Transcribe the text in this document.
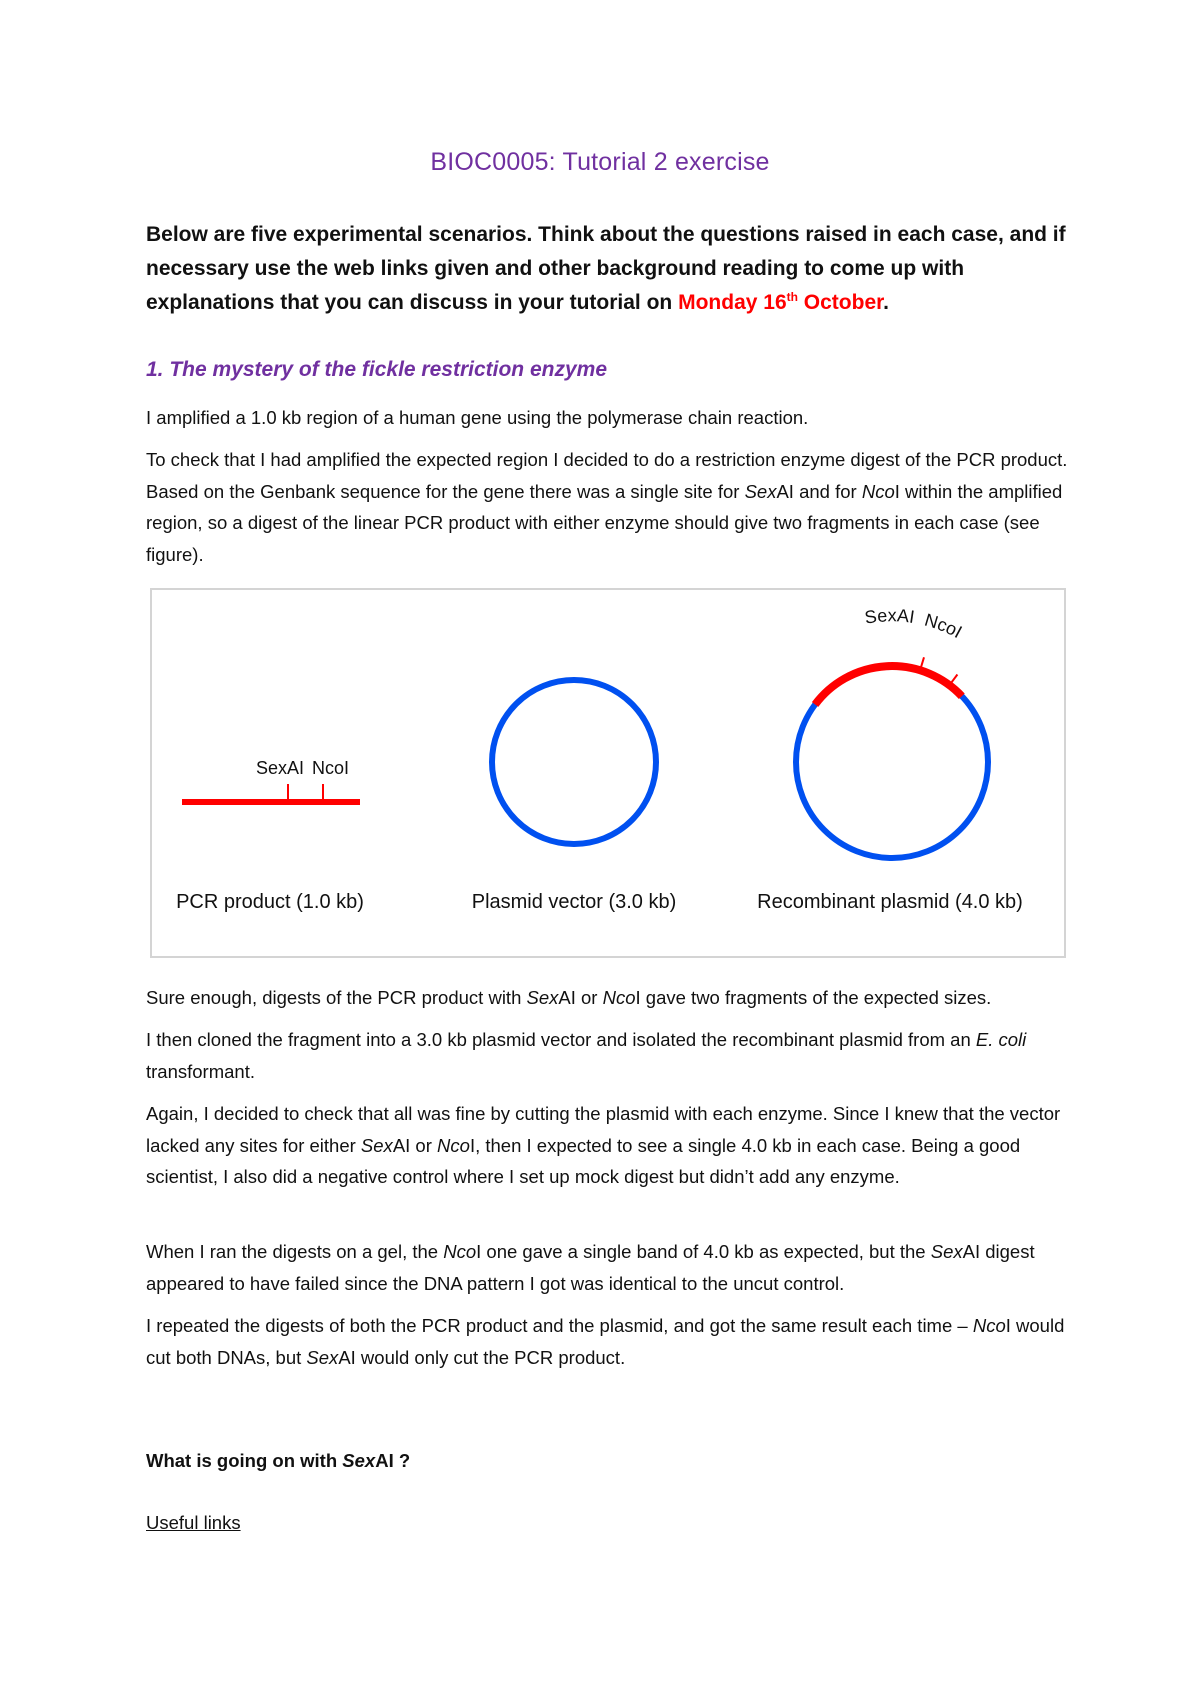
BIOC0005: Tutorial 2 exercise
Below are five experimental scenarios. Think about the questions raised in each case, and if necessary use the web links given and other background reading to come up with explanations that you can discuss in your tutorial on Monday 16th October.
1. The mystery of the fickle restriction enzyme

I amplified a 1.0 kb region of a human gene using the polymerase chain reaction.

To check that I had amplified the expected region I decided to do a restriction enzyme digest of the PCR product. Based on the Genbank sequence for the gene there was a single site for SexAI and for NcoI within the amplified region, so a digest of the linear PCR product with either enzyme should give two fragments in each case (see figure).

SexAI NcoI
SexAI NcoI
PCR product (1.0 kb)	Plasmid vector (3.0 kb)	Recombinant plasmid (4.0 kb)

Sure enough, digests of the PCR product with SexAI or NcoI gave two fragments of the expected sizes.

I then cloned the fragment into a 3.0 kb plasmid vector and isolated the recombinant plasmid from an E. coli transformant.

Again, I decided to check that all was fine by cutting the plasmid with each enzyme. Since I knew that the vector lacked any sites for either SexAI or NcoI, then I expected to see a single 4.0 kb in each case. Being a good scientist, I also did a negative control where I set up mock digest but didn’t add any enzyme.

When I ran the digests on a gel, the NcoI one gave a single band of 4.0 kb as expected, but the SexAI digest appeared to have failed since the DNA pattern I got was identical to the uncut control.

I repeated the digests of both the PCR product and the plasmid, and got the same result each time – NcoI would cut both DNAs, but SexAI would only cut the PCR product.

What is going on with SexAI ?
Useful links
